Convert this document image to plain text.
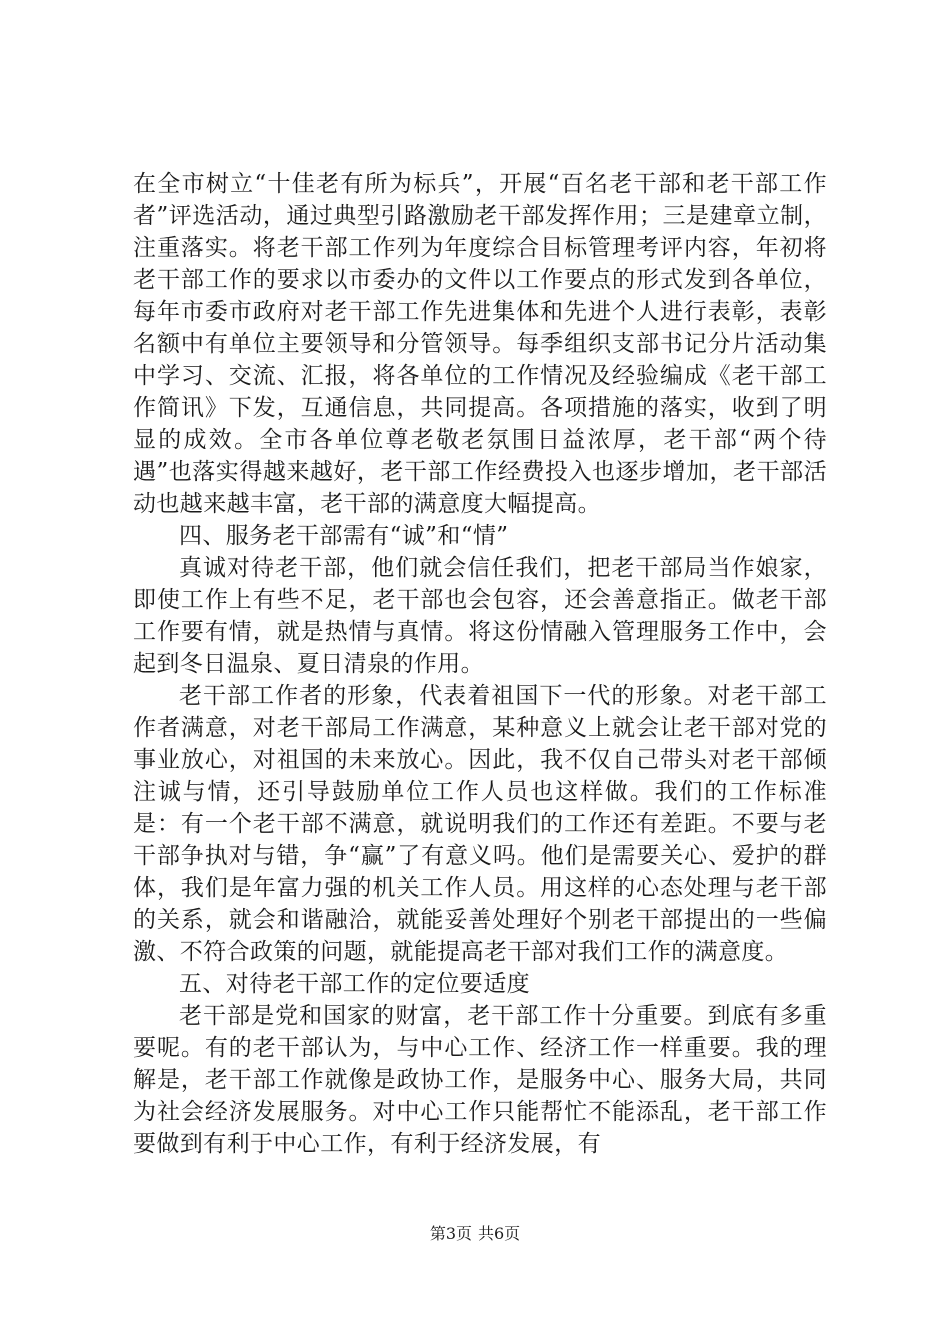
在全市树立“十佳老有所为标兵”，开展“百名老干部和老干部工作者”评选活动，通过典型引路激励老干部发挥作用；三是建章立制，注重落实。将老干部工作列为年度综合目标管理考评内容，年初将老干部工作的要求以市委办的文件以工作要点的形式发到各单位，每年市委市政府对老干部工作先进集体和先进个人进行表彰，表彰名额中有单位主要领导和分管领导。每季组织支部书记分片活动集中学习、交流、汇报，将各单位的工作情况及经验编成《老干部工作简讯》下发，互通信息，共同提高。各项措施的落实，收到了明显的成效。全市各单位尊老敬老氛围日益浓厚，老干部“两个待遇”也落实得越来越好，老干部工作经费投入也逐步增加，老干部活动也越来越丰富，老干部的满意度大幅提高。

四、服务老干部需有“诚”和“情”

真诚对待老干部，他们就会信任我们，把老干部局当作娘家，即使工作上有些不足，老干部也会包容，还会善意指正。做老干部工作要有情，就是热情与真情。将这份情融入管理服务工作中，会起到冬日温泉、夏日清泉的作用。

老干部工作者的形象，代表着祖国下一代的形象。对老干部工作者满意，对老干部局工作满意，某种意义上就会让老干部对党的事业放心，对祖国的未来放心。因此，我不仅自己带头对老干部倾注诚与情，还引导鼓励单位工作人员也这样做。我们的工作标准是：有一个老干部不满意，就说明我们的工作还有差距。不要与老干部争执对与错，争“赢”了有意义吗。他们是需要关心、爱护的群体，我们是年富力强的机关工作人员。用这样的心态处理与老干部的关系，就会和谐融洽，就能妥善处理好个别老干部提出的一些偏激、不符合政策的问题，就能提高老干部对我们工作的满意度。

五、对待老干部工作的定位要适度

老干部是党和国家的财富，老干部工作十分重要。到底有多重要呢。有的老干部认为，与中心工作、经济工作一样重要。我的理解是，老干部工作就像是政协工作，是服务中心、服务大局，共同为社会经济发展服务。对中心工作只能帮忙不能添乱，老干部工作要做到有利于中心工作，有利于经济发展，有

第3页 共6页
